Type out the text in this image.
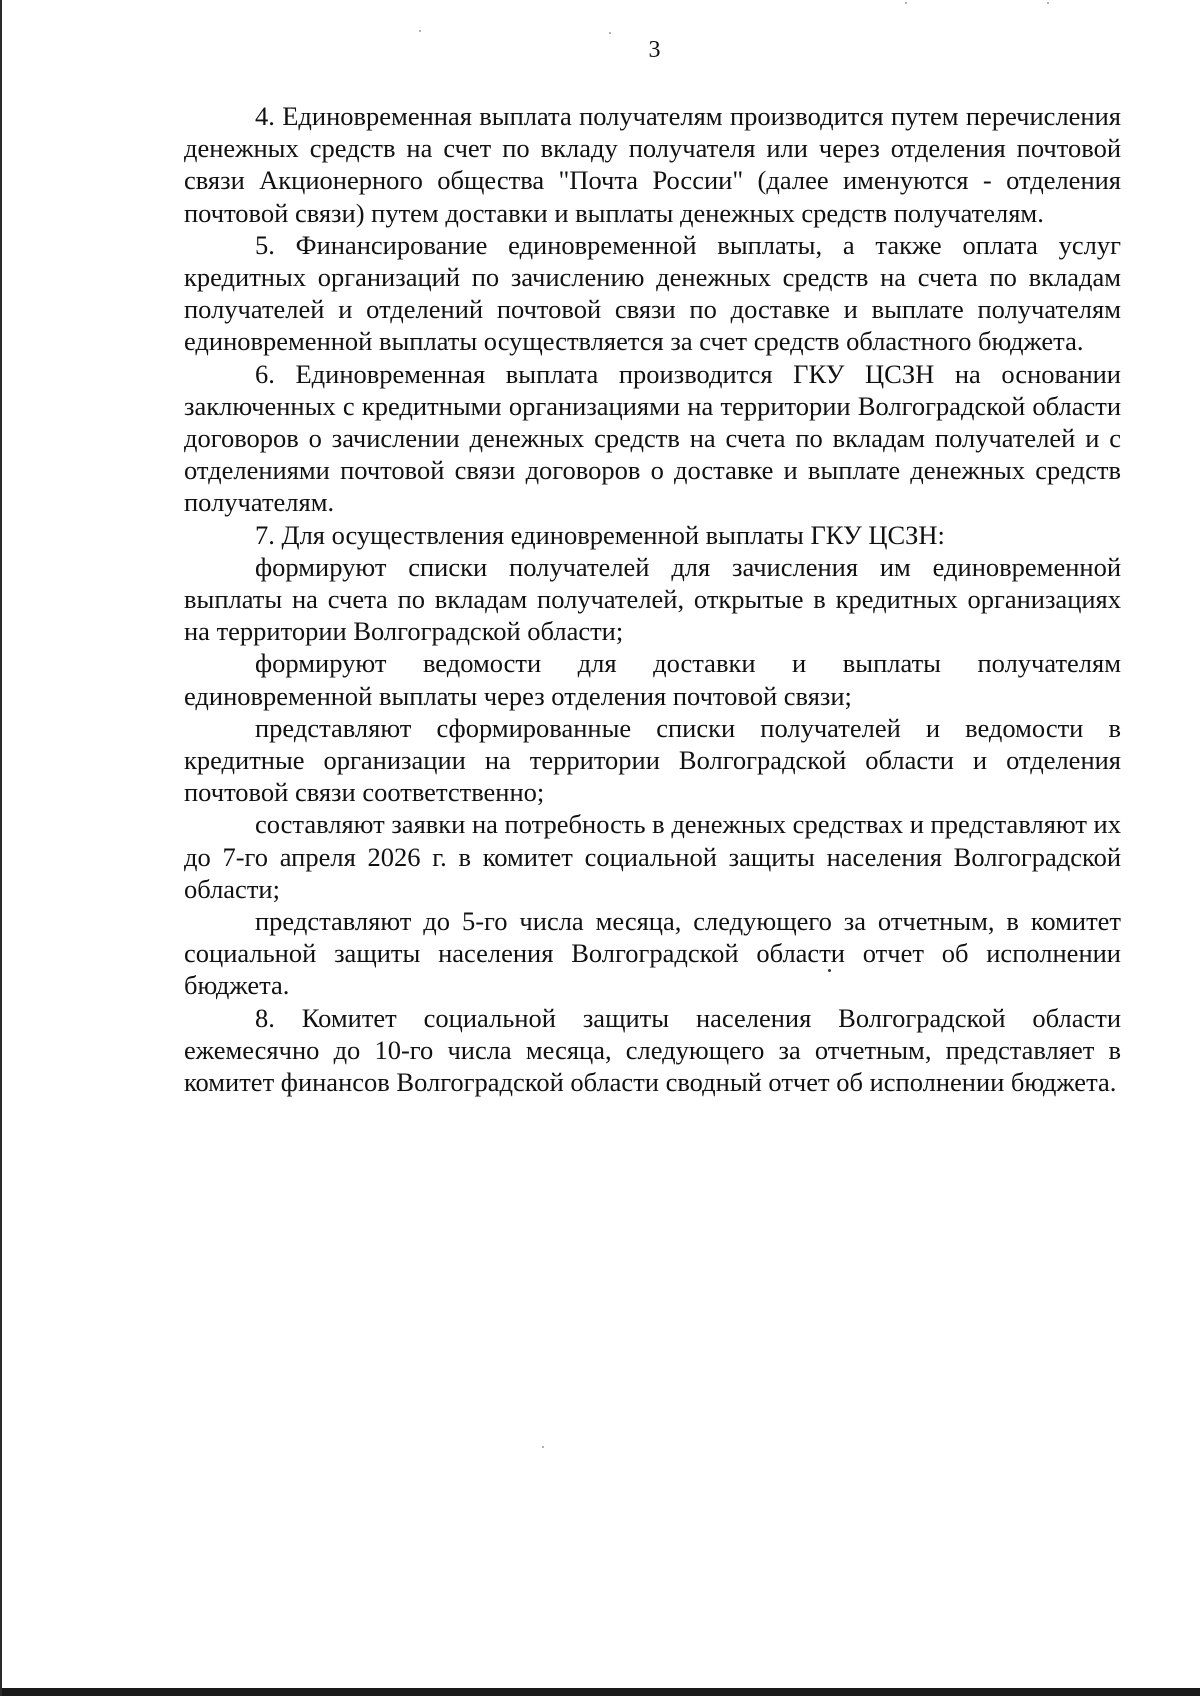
3

4. Единовременная выплата получателям производится путем перечисления денежных средств на счет по вкладу получателя или через отделения почтовой связи Акционерного общества "Почта России" (далее именуются - отделения почтовой связи) путем доставки и выплаты денежных средств получателям.

5. Финансирование единовременной выплаты, а также оплата услуг кредитных организаций по зачислению денежных средств на счета по вкладам получателей и отделений почтовой связи по доставке и выплате получателям единовременной выплаты осуществляется за счет средств областного бюджета.

6. Единовременная выплата производится ГКУ ЦСЗН на основании заключенных с кредитными организациями на территории Волгоградской области договоров о зачислении денежных средств на счета по вкладам получателей и с отделениями почтовой связи договоров о доставке и выплате денежных средств получателям.

7. Для осуществления единовременной выплаты ГКУ ЦСЗН:

формируют списки получателей для зачисления им единовременной выплаты на счета по вкладам получателей, открытые в кредитных организациях на территории Волгоградской области;

формируют ведомости для доставки и выплаты получателям единовременной выплаты через отделения почтовой связи;

представляют сформированные списки получателей и ведомости в кредитные организации на территории Волгоградской области и отделения почтовой связи соответственно;

составляют заявки на потребность в денежных средствах и представляют их до 7-го апреля 2026 г. в комитет социальной защиты населения Волгоградской области;

представляют до 5-го числа месяца, следующего за отчетным, в комитет социальной защиты населения Волгоградской области отчет об исполнении бюджета.

8. Комитет социальной защиты населения Волгоградской области ежемесячно до 10-го числа месяца, следующего за отчетным, представляет в комитет финансов Волгоградской области сводный отчет об исполнении бюджета.
